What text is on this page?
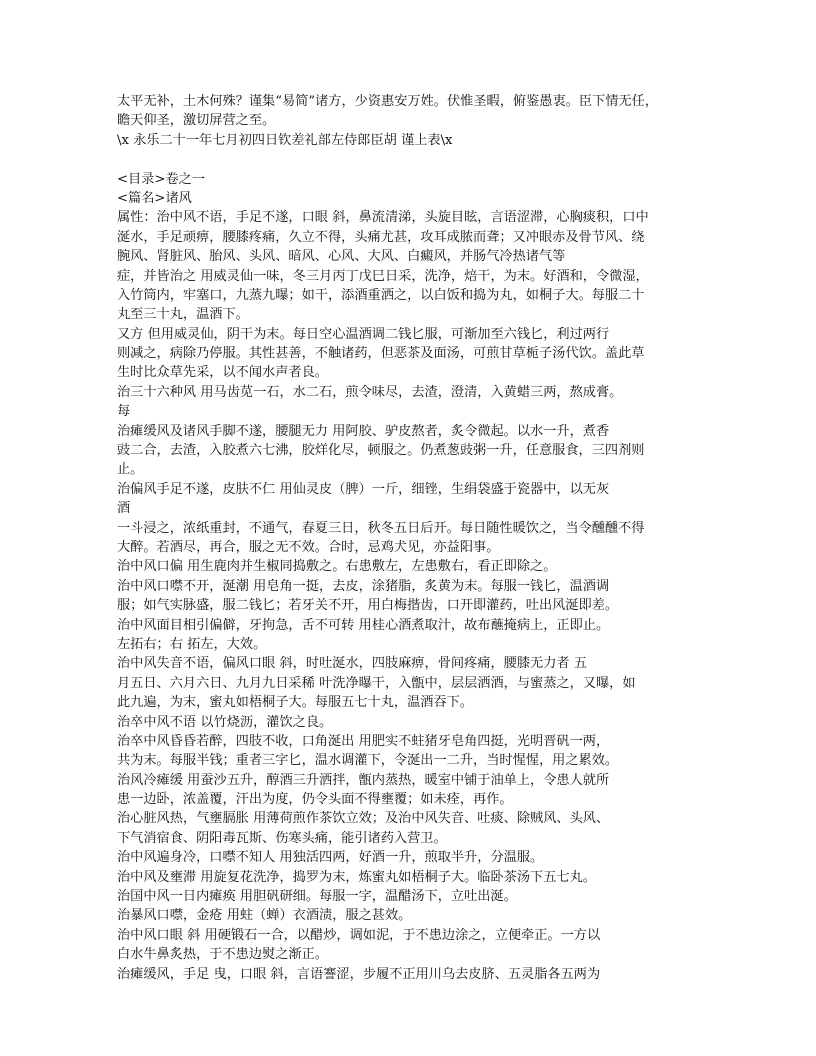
太平无补，土木何殊？谨集“易简”诸方，少资惠安万姓。伏惟圣暇，俯鉴愚衷。臣下情无任，
瞻天仰圣，激切屏营之至。
\x 永乐二十一年七月初四日钦差礼部左侍郎臣胡 谨上表\x
<目录>卷之一
<篇名>诸风
属性：治中风不语，手足不遂，口眼 斜，鼻流清涕，头旋目眩，言语涩滞，心胸痰积，口中
涎水，手足顽痹，腰膝疼痛，久立不得，头痛尤甚，攻耳成脓而聋；又冲眼赤及骨节风、绕
腕风、肾脏风、胎风、头风、暗风、心风、大风、白癜风，并肠气冷热诸气等
症，并皆治之 用威灵仙一味，冬三月丙丁戊巳日采，洗净，焙干，为末。好酒和，令微湿，
入竹筒内，牢塞口，九蒸九曝；如干，添酒重洒之，以白饭和捣为丸，如桐子大。每服二十
丸至三十丸，温酒下。
又方 但用威灵仙，阴干为末。每日空心温酒调二钱匕服，可渐加至六钱匕，利过两行
则减之，病除乃停服。其性甚善，不触诸药，但恶茶及面汤，可煎甘草栀子汤代饮。盖此草
生时比众草先采，以不闻水声者良。
治三十六种风 用马齿苋一石，水二石，煎令味尽，去渣，澄清，入黄蜡三两，熬成膏。
每
治瘫缓风及诸风手脚不遂，腰腿无力 用阿胶、驴皮熬者，炙令微起。以水一升，煮香
豉二合，去渣，入胶煮六七沸，胶烊化尽，顿服之。仍煮葱豉粥一升，任意服食，三四剂则
止。
治偏风手足不遂，皮肤不仁 用仙灵皮（脾）一斤，细锉，生绢袋盛于瓷器中，以无灰
酒
一斗浸之，浓纸重封，不通气，春夏三日，秋冬五日后开。每日随性暖饮之，当令醺醺不得
大醉。若酒尽，再合，服之无不效。合时，忌鸡犬见，亦益阳事。
治中风口偏 用生鹿肉并生椒同捣敷之。右患敷左，左患敷右，看正即除之。
治中风口噤不开，涎潮 用皂角一挺，去皮，涂猪脂，炙黄为末。每服一钱匕，温酒调
服；如气实脉盛，服二钱匕；若牙关不开，用白梅揩齿，口开即灌药，吐出风涎即差。
治中风面目相引偏僻，牙拘急，舌不可转 用桂心酒煮取汁，故布蘸掩病上，正即止。
左拓右；右 拓左，大效。
治中风失音不语，偏风口眼 斜，时吐涎水，四肢麻痹，骨间疼痛，腰膝无力者 五
月五日、六月六日、九月九日采稀 叶洗净曝干，入甑中，层层洒酒，与蜜蒸之，又曝，如
此九遍，为末，蜜丸如梧桐子大。每服五七十丸，温酒吞下。
治卒中风不语 以竹烧沥，灌饮之良。
治卒中风昏昏若醉，四肢不收，口角涎出 用肥实不蛀猪牙皂角四挺，光明晋矾一两，
共为末。每服半钱；重者三字匕，温水调灌下，令涎出一二升，当时惺惺，用之累效。
治风冷瘫缓 用蚕沙五升，醇酒三升洒拌，甑内蒸热，暖室中铺于油单上，令患人就所
患一边卧，浓盖覆，汗出为度，仍令头面不得壅覆；如未痊，再作。
治心脏风热，气壅膈胀 用薄荷煎作茶饮立效；及治中风失音、吐痰、除贼风、头风、
下气消宿食、阴阳毒瓦斯、伤寒头痛，能引诸药入营卫。
治中风遍身冷，口噤不知人 用独活四两，好酒一升，煎取半升，分温服。
治中风及壅滞 用旋复花洗净，捣罗为末，炼蜜丸如梧桐子大。临卧茶汤下五七丸。
治国中风一日内瘫痪 用胆矾研细。每服一字，温醋汤下，立吐出涎。
治暴风口噤，金疮 用蛀（蝉）衣酒渍，服之甚效。
治中风口眼 斜 用硬锻石一合，以醋炒，调如泥，于不患边涂之，立便牵正。一方以
白水牛鼻炙热，于不患边熨之渐正。
治瘫缓风，手足 曳，口眼 斜，言语謇涩，步履不正用川乌去皮脐、五灵脂各五两为
